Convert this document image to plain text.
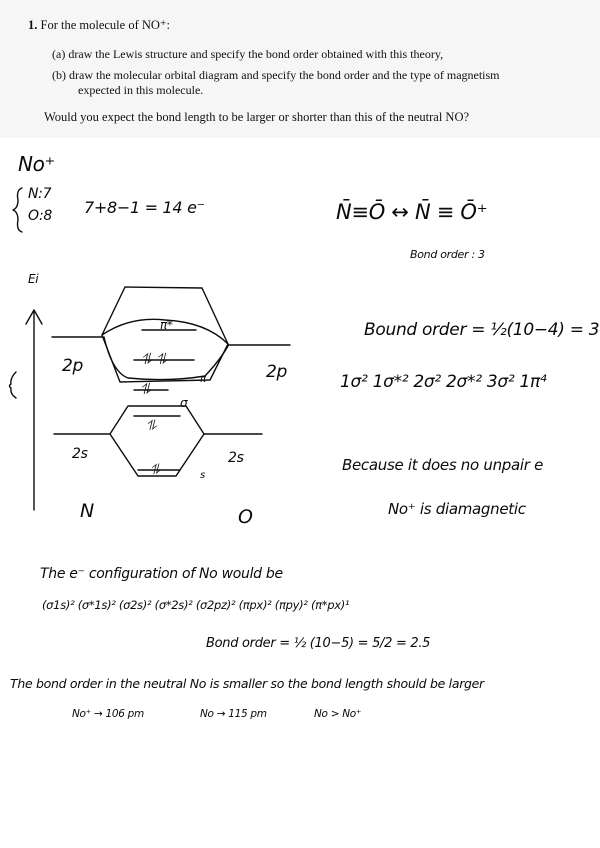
1. For the molecule of NO⁺:
(a) draw the Lewis structure and specify the bond order obtained with this theory,
(b) draw the molecular orbital diagram and specify the bond order and the type of magnetism
expected in this molecule.
Would you expect the bond length to be larger or shorter than this of the neutral NO?
No⁺
N:7
O:8 7+8−1 = 14 e⁻	N̄≡Ō ↔ N̄ ≡ Ō⁺
Bond order : 3
Ei
2p	2p
π*
⥮ ⥮
π
⥮
σ
2s	2s
⥮
⥮	s
N	O
Bound order = ½(10−4) = 3
1σ² 1σ*² 2σ² 2σ*² 3σ² 1π⁴
Because it does no unpair e
No⁺ is diamagnetic
The e⁻ configuration of No would be
(σ1s)² (σ*1s)² (σ2s)² (σ*2s)² (σ2pz)² (πpx)² (πpy)² (π*px)¹
Bond order = ½ (10−5) = 5/2 = 2.5
The bond order in the neutral No is smaller so the bond length should be larger
No⁺ → 106 pm	No → 115 pm	No > No⁺
